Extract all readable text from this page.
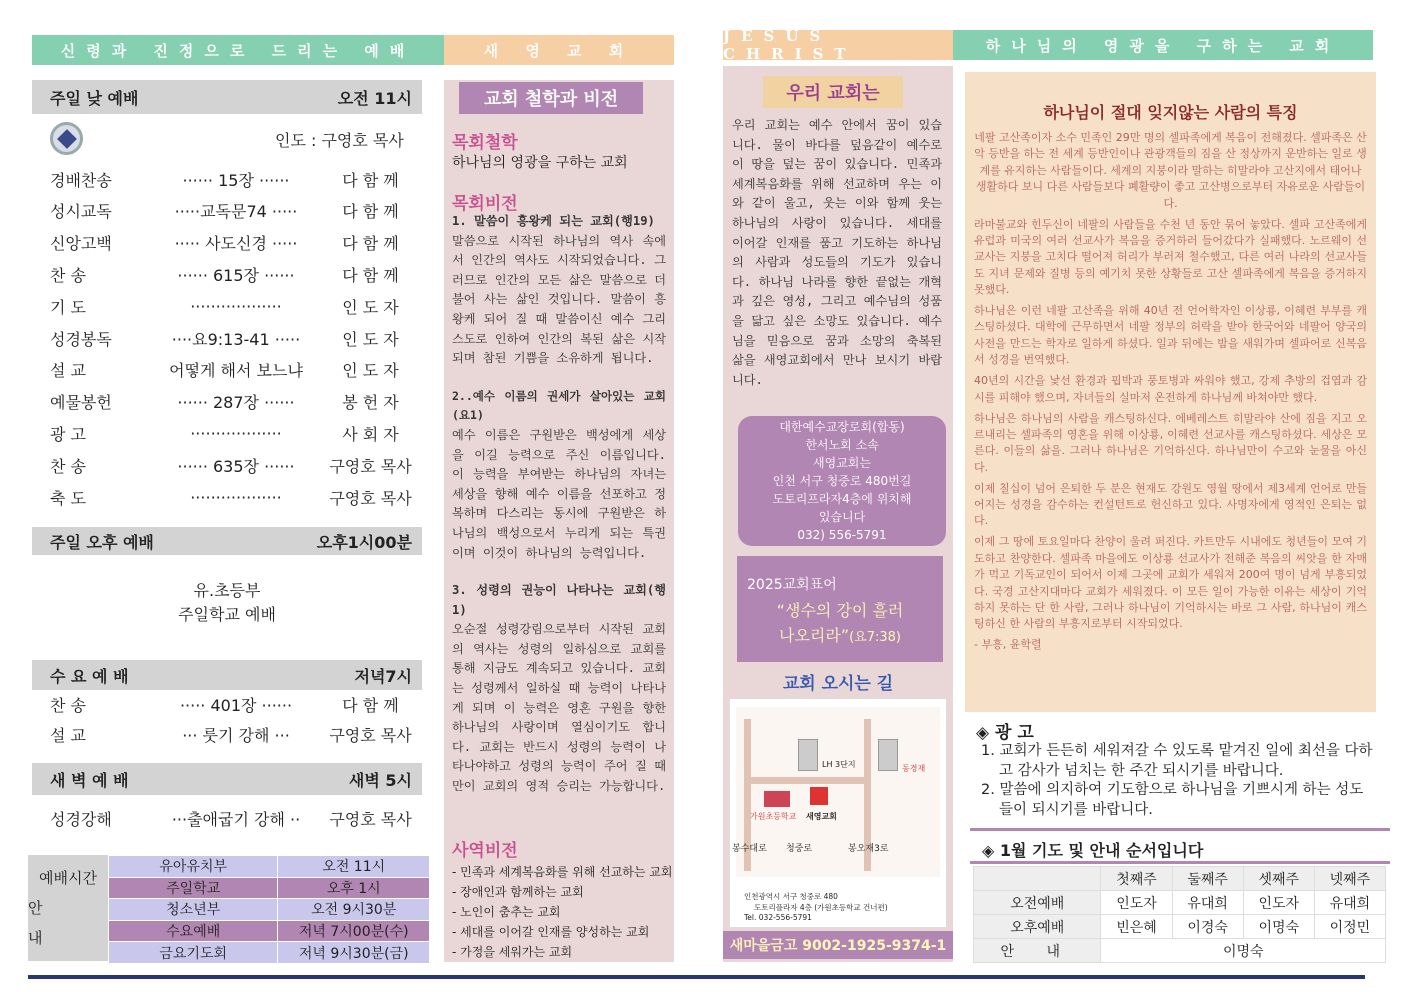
신령과 진정으로 드리는 예배	새 영 교 회
주일 낮 예배	오전 11시
인도 : 구영호 목사
경배찬송	······ 15장 ······	다 함 께
성시교독	·····교독문74 ·····	다 함 께
신앙고백	····· 사도신경 ·····	다 함 께
찬 송	······ 615장 ······	다 함 께
기 도	··················	인 도 자
성경봉독	····요9:13-41 ·····	인 도 자
설 교	어떻게 해서 보느냐	인 도 자
예물봉헌	······ 287장 ······	봉 헌 자
광 고	··················	사 회 자
찬 송	······ 635장 ······	구영호 목사
축 도	··················	구영호 목사
주일 오후 예배	오후1시00분
유.초등부
주일학교 예배
수 요 예 배	저녁7시
찬 송	····· 401장 ······	다 함 께
설 교	··· 룻기 강해 ···	구영호 목사
새 벽 예 배	새벽 5시
성경강해	···출애굽기 강해 ··	구영호 목사
예배시간
안 내
유아유치부	오전 11시
주일학교	오후 1시
청소년부	오전 9시30분
수요예배	저녁 7시00분(수)
금요기도회	저녁 9시30분(금)
교회 철학과 비전
목회철학
하나님의 영광을 구하는 교회
목회비전
1. 말씀이 흥왕케 되는 교회(행19)
말씀으로 시작된 하나님의 역사 속에서 인간의 역사도 시작되었습니다. 그러므로 인간의 모든 삶은 말씀으로 더불어 사는 삶인 것입니다. 말씀이 흥왕케 되어 질 때 말씀이신 예수 그리스도로 인하여 인간의 복된 삶은 시작되며 참된 기쁨을 소유하게 됩니다.
2..예수 이름의 권세가 살아있는 교회(요1)
예수 이름은 구원받은 백성에게 세상을 이길 능력으로 주신 이름입니다. 이 능력을 부여받는 하나님의 자녀는 세상을 향해 예수 이름을 선포하고 정복하며 다스리는 동시에 구원받은 하나님의 백성으로서 누리게 되는 특권이며 이것이 하나님의 능력입니다.
3. 성령의 권능이 나타나는 교회(행1)
오순절 성령강림으로부터 시작된 교회의 역사는 성령의 일하심으로 교회를 통해 지금도 계속되고 있습니다. 교회는 성령께서 일하실 때 능력이 나타나게 되며 이 능력은 영혼 구원을 향한 하나님의 사랑이며 열심이기도 합니다. 교회는 반드시 성령의 능력이 나타나야하고 성령의 능력이 주어 질 때만이 교회의 영적 승리는 가능합니다.
사역비전
- 민족과 세계복음화를 위해 선교하는 교회
- 장애인과 함께하는 교회
- 노인이 춤추는 교회
- 세대를 이어갈 인재를 양성하는 교회
- 가정을 세워가는 교회
JESUS CHRIST	하나님의 영광을 구하는 교회
우리 교회는
우리 교회는 예수 안에서 꿈이 있습니다. 물이 바다를 덮음같이 예수로 이 땅을 덮는 꿈이 있습니다. 민족과 세계복음화를 위해 선교하며 우는 이와 같이 울고, 웃는 이와 함께 웃는 하나님의 사랑이 있습니다. 세대를 이어갈 인재를 품고 기도하는 하나님의 사람과 성도들의 기도가 있습니다. 하나님 나라를 향한 끝없는 개혁과 깊은 영성, 그리고 예수님의 성품을 닮고 싶은 소망도 있습니다. 예수님을 믿음으로 꿈과 소망의 축복된 삶을 새영교회에서 만나 보시기 바랍니다.
대한예수교장로회(합동)
한서노회 소속
새영교회는
인천 서구 청중로 480번길
도토리프라자4층에 위치해
있습니다
032) 556-5791
2025교회표어
“생수의 강이 흘러
나오리라”(요7:38)
교회 오시는 길
LH 3단지	동경재
가원초등학교 새영교회
봉수대로 청중로	봉오재3로
인천광역시 서구 청중로 480
도토리플라자 4층 (가원초등학교 건너편)
Tel. 032-556-5791
새마을금고 9002-1925-9374-1
하나님이 절대 잊지않는 사람의 특징
네팔 고산족이자 소수 민족인 29만 명의 셀파족에게 복음이 전해졌다. 셀파족은 산악 등반을 하는 전 세계 등반인이나 관광객들의 짐을 산 정상까지 운반하는 일로 생계를 유지하는 사람들이다. 세계의 지붕이라 말하는 히말라야 고산지에서 태어나 생활하다 보니 다른 사람들보다 폐활량이 좋고 고산병으로부터 자유로운 사람들이다.
라마불교와 힌두신이 네팔의 사람들을 수천 년 동안 묶어 놓았다. 셀파 고산족에게 유럽과 미국의 여러 선교사가 복음을 증거하러 들어갔다가 실패했다. 노르웨이 선교사는 지붕을 고치다 떨어져 허리가 부러져 철수했고, 다른 여러 나라의 선교사들도 지녀 문제와 질병 등의 예기치 못한 상황들로 고산 셀파족에게 복음을 증거하지 못했다.
하나님은 이런 네팔 고산족을 위해 40년 전 언어학자인 이상룡, 이혜련 부부를 캐스팅하셨다. 대학에 근무하면서 네팔 정부의 허락을 받아 한국어와 네팔어 양국의 사전을 만드는 학자로 일하게 하셨다. 일과 뒤에는 밤을 새워가며 셀파어로 신복음서 성경을 번역했다.
40년의 시간을 낯선 환경과 핍박과 풍토병과 싸워야 했고, 강제 추방의 겁엽과 감시를 피해야 했으며, 자녀들의 실마저 온전하게 하나님께 바쳐야만 했다.
하나님은 하나님의 사람을 캐스팅하신다. 에베레스트 히말라야 산에 짐을 지고 오르내리는 셀파족의 영혼을 위해 이상룡, 이혜련 선교사를 캐스팅하셨다. 세상은 모른다. 이들의 삶을. 그러나 하나님은 기억하신다. 하나님만이 수고와 눈물을 아신다.
이제 칠십이 넘어 은퇴한 두 분은 현재도 강원도 영월 땅에서 제3세계 언어로 만들어지는 성경을 감수하는 컨설턴트로 헌신하고 있다. 사명자에게 영적인 은퇴는 없다.
이제 그 땅에 토요일마다 찬양이 울려 퍼진다. 카트만두 시내에도 청년들이 모여 기도하고 찬양한다. 셀파족 마을에도 이상룡 선교사가 전해준 복음의 씨앗을 한 자매가 먹고 기독교인이 되어서 이제 그곳에 교회가 세워져 200여 명이 넘게 부흥되었다. 국경 고산지대마다 교회가 세워졌다. 이 모든 일이 가능한 이유는 세상이 기억하지 못하는 단 한 사람, 그러나 하나님이 기억하시는 바로 그 사람, 하나님이 캐스팅하신 한 사람의 부흥지로부터 시작되었다.
- 부흥, 윤학렬
◈ 광 고
1. 교회가 든든히 세워져갈 수 있도록 맡겨진 일에 최선을 다하고 감사가 넘치는 한 주간 되시기를 바랍니다.
2. 말씀에 의지하여 기도함으로 하나님을 기쁘시게 하는 성도들이 되시기를 바랍니다.
◈ 1월 기도 및 안내 순서입니다
	첫째주	둘째주	셋째주	넷째주
오전예배	인도자	유대희	인도자	유대희
오후예배	빈은혜	이경숙	이명숙	이정민
안 내	이명숙			
